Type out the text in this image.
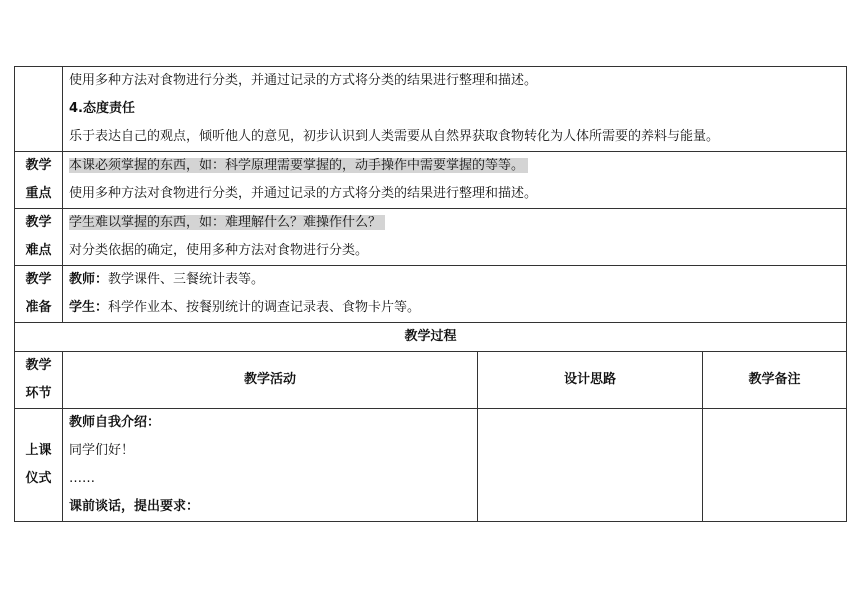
	使用多种方法对食物进行分类，并通过记录的方式将分类的结果进行整理和描述。
4.态度责任
乐于表达自己的观点，倾听他人的意见，初步认识到人类需要从自然界获取食物转化为人体所需要的养料与能量。		

教学
重点	本课必须掌握的东西，如：科学原理需要掌握的，动手操作中需要掌握的等等。
使用多种方法对食物进行分类，并通过记录的方式将分类的结果进行整理和描述。		

教学
难点	学生难以掌握的东西，如：难理解什么？难操作什么？
对分类依据的确定，使用多种方法对食物进行分类。		

教学
准备	教师：教学课件、三餐统计表等。
学生：科学作业本、按餐别统计的调查记录表、食物卡片等。		

教学过程			

教学
环节	教学活动	设计思路	教学备注

上课
仪式	教师自我介绍：
同学们好！
……
课前谈话，提出要求：		
